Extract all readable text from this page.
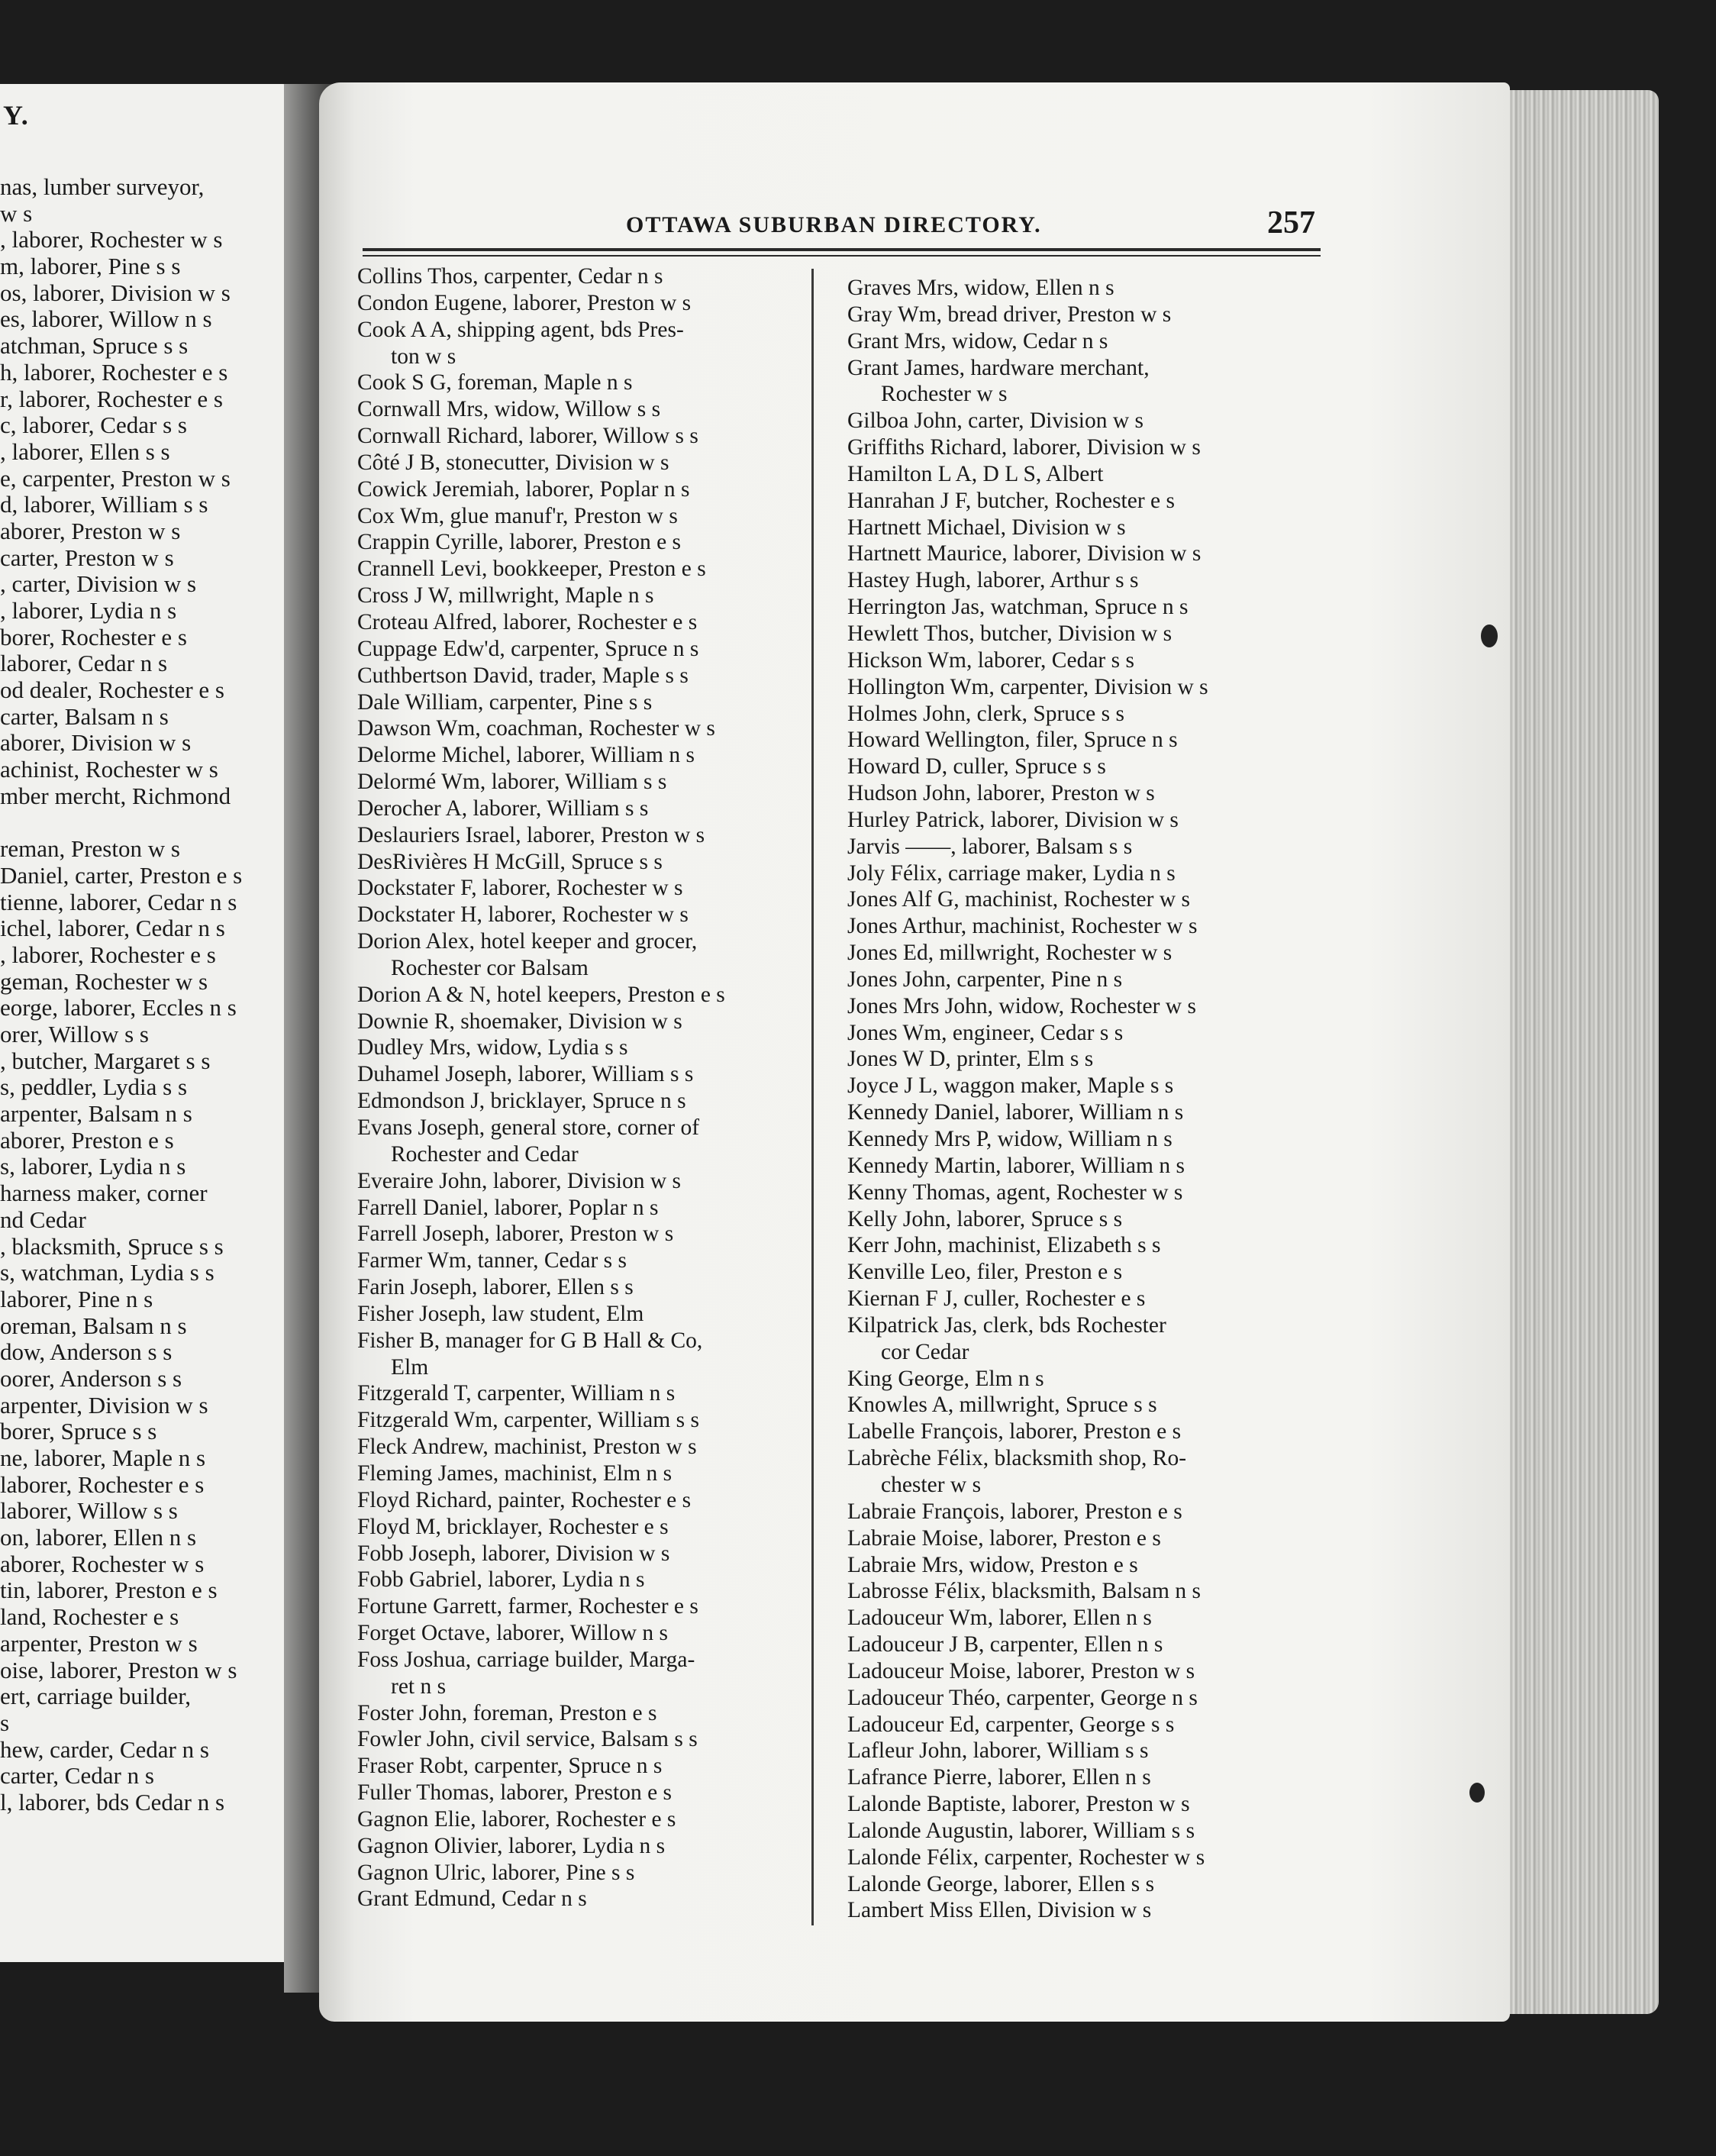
Y.
nas, lumber surveyor,
w s
, laborer, Rochester w s
m, laborer, Pine s s
os, laborer, Division w s
es, laborer, Willow n s
atchman, Spruce s s
h, laborer, Rochester e s
r, laborer, Rochester e s
c, laborer, Cedar s s
, laborer, Ellen s s
e, carpenter, Preston w s
d, laborer, William s s
aborer, Preston w s
carter, Preston w s
, carter, Division w s
, laborer, Lydia n s
borer, Rochester e s
laborer, Cedar n s
od dealer, Rochester e s
carter, Balsam n s
aborer, Division w s
achinist, Rochester w s
mber mercht, Richmond
reman, Preston w s
Daniel, carter, Preston e s
tienne, laborer, Cedar n s
ichel, laborer, Cedar n s
, laborer, Rochester e s
geman, Rochester w s
eorge, laborer, Eccles n s
orer, Willow s s
, butcher, Margaret s s
s, peddler, Lydia s s
arpenter, Balsam n s
aborer, Preston e s
s, laborer, Lydia n s
harness maker, corner
nd Cedar
, blacksmith, Spruce s s
s, watchman, Lydia s s
laborer, Pine n s
oreman, Balsam n s
dow, Anderson s s
oorer, Anderson s s
arpenter, Division w s
borer, Spruce s s
ne, laborer, Maple n s
laborer, Rochester e s
laborer, Willow s s
on, laborer, Ellen n s
aborer, Rochester w s
tin, laborer, Preston e s
land, Rochester e s
arpenter, Preston w s
oise, laborer, Preston w s
ert, carriage builder,
s
hew, carder, Cedar n s
carter, Cedar n s
l, laborer, bds Cedar n s
OTTAWA SUBURBAN DIRECTORY.	257
Collins Thos, carpenter, Cedar n s
Condon Eugene, laborer, Preston w s
Cook A A, shipping agent, bds Pres-
ton w s
Cook S G, foreman, Maple n s
Cornwall Mrs, widow, Willow s s
Cornwall Richard, laborer, Willow s s
Côté J B, stonecutter, Division w s
Cowick Jeremiah, laborer, Poplar n s
Cox Wm, glue manuf'r, Preston w s
Crappin Cyrille, laborer, Preston e s
Crannell Levi, bookkeeper, Preston e s
Cross J W, millwright, Maple n s
Croteau Alfred, laborer, Rochester e s
Cuppage Edw'd, carpenter, Spruce n s
Cuthbertson David, trader, Maple s s
Dale William, carpenter, Pine s s
Dawson Wm, coachman, Rochester w s
Delorme Michel, laborer, William n s
Delormé Wm, laborer, William s s
Derocher A, laborer, William s s
Deslauriers Israel, laborer, Preston w s
DesRivières H McGill, Spruce s s
Dockstater F, laborer, Rochester w s
Dockstater H, laborer, Rochester w s
Dorion Alex, hotel keeper and grocer,
Rochester cor Balsam
Dorion A & N, hotel keepers, Preston e s
Downie R, shoemaker, Division w s
Dudley Mrs, widow, Lydia s s
Duhamel Joseph, laborer, William s s
Edmondson J, bricklayer, Spruce n s
Evans Joseph, general store, corner of
Rochester and Cedar
Everaire John, laborer, Division w s
Farrell Daniel, laborer, Poplar n s
Farrell Joseph, laborer, Preston w s
Farmer Wm, tanner, Cedar s s
Farin Joseph, laborer, Ellen s s
Fisher Joseph, law student, Elm
Fisher B, manager for G B Hall & Co,
Elm
Fitzgerald T, carpenter, William n s
Fitzgerald Wm, carpenter, William s s
Fleck Andrew, machinist, Preston w s
Fleming James, machinist, Elm n s
Floyd Richard, painter, Rochester e s
Floyd M, bricklayer, Rochester e s
Fobb Joseph, laborer, Division w s
Fobb Gabriel, laborer, Lydia n s
Fortune Garrett, farmer, Rochester e s
Forget Octave, laborer, Willow n s
Foss Joshua, carriage builder, Marga-
ret n s
Foster John, foreman, Preston e s
Fowler John, civil service, Balsam s s
Fraser Robt, carpenter, Spruce n s
Fuller Thomas, laborer, Preston e s
Gagnon Elie, laborer, Rochester e s
Gagnon Olivier, laborer, Lydia n s
Gagnon Ulric, laborer, Pine s s
Grant Edmund, Cedar n s
Graves Mrs, widow, Ellen n s
Gray Wm, bread driver, Preston w s
Grant Mrs, widow, Cedar n s
Grant James, hardware merchant,
Rochester w s
Gilboa John, carter, Division w s
Griffiths Richard, laborer, Division w s
Hamilton L A, D L S, Albert
Hanrahan J F, butcher, Rochester e s
Hartnett Michael, Division w s
Hartnett Maurice, laborer, Division w s
Hastey Hugh, laborer, Arthur s s
Herrington Jas, watchman, Spruce n s
Hewlett Thos, butcher, Division w s
Hickson Wm, laborer, Cedar s s
Hollington Wm, carpenter, Division w s
Holmes John, clerk, Spruce s s
Howard Wellington, filer, Spruce n s
Howard D, culler, Spruce s s
Hudson John, laborer, Preston w s
Hurley Patrick, laborer, Division w s
Jarvis ——, laborer, Balsam s s
Joly Félix, carriage maker, Lydia n s
Jones Alf G, machinist, Rochester w s
Jones Arthur, machinist, Rochester w s
Jones Ed, millwright, Rochester w s
Jones John, carpenter, Pine n s
Jones Mrs John, widow, Rochester w s
Jones Wm, engineer, Cedar s s
Jones W D, printer, Elm s s
Joyce J L, waggon maker, Maple s s
Kennedy Daniel, laborer, William n s
Kennedy Mrs P, widow, William n s
Kennedy Martin, laborer, William n s
Kenny Thomas, agent, Rochester w s
Kelly John, laborer, Spruce s s
Kerr John, machinist, Elizabeth s s
Kenville Leo, filer, Preston e s
Kiernan F J, culler, Rochester e s
Kilpatrick Jas, clerk, bds Rochester
cor Cedar
King George, Elm n s
Knowles A, millwright, Spruce s s
Labelle François, laborer, Preston e s
Labrèche Félix, blacksmith shop, Ro-
chester w s
Labraie François, laborer, Preston e s
Labraie Moise, laborer, Preston e s
Labraie Mrs, widow, Preston e s
Labrosse Félix, blacksmith, Balsam n s
Ladouceur Wm, laborer, Ellen n s
Ladouceur J B, carpenter, Ellen n s
Ladouceur Moise, laborer, Preston w s
Ladouceur Théo, carpenter, George n s
Ladouceur Ed, carpenter, George s s
Lafleur John, laborer, William s s
Lafrance Pierre, laborer, Ellen n s
Lalonde Baptiste, laborer, Preston w s
Lalonde Augustin, laborer, William s s
Lalonde Félix, carpenter, Rochester w s
Lalonde George, laborer, Ellen s s
Lambert Miss Ellen, Division w s
